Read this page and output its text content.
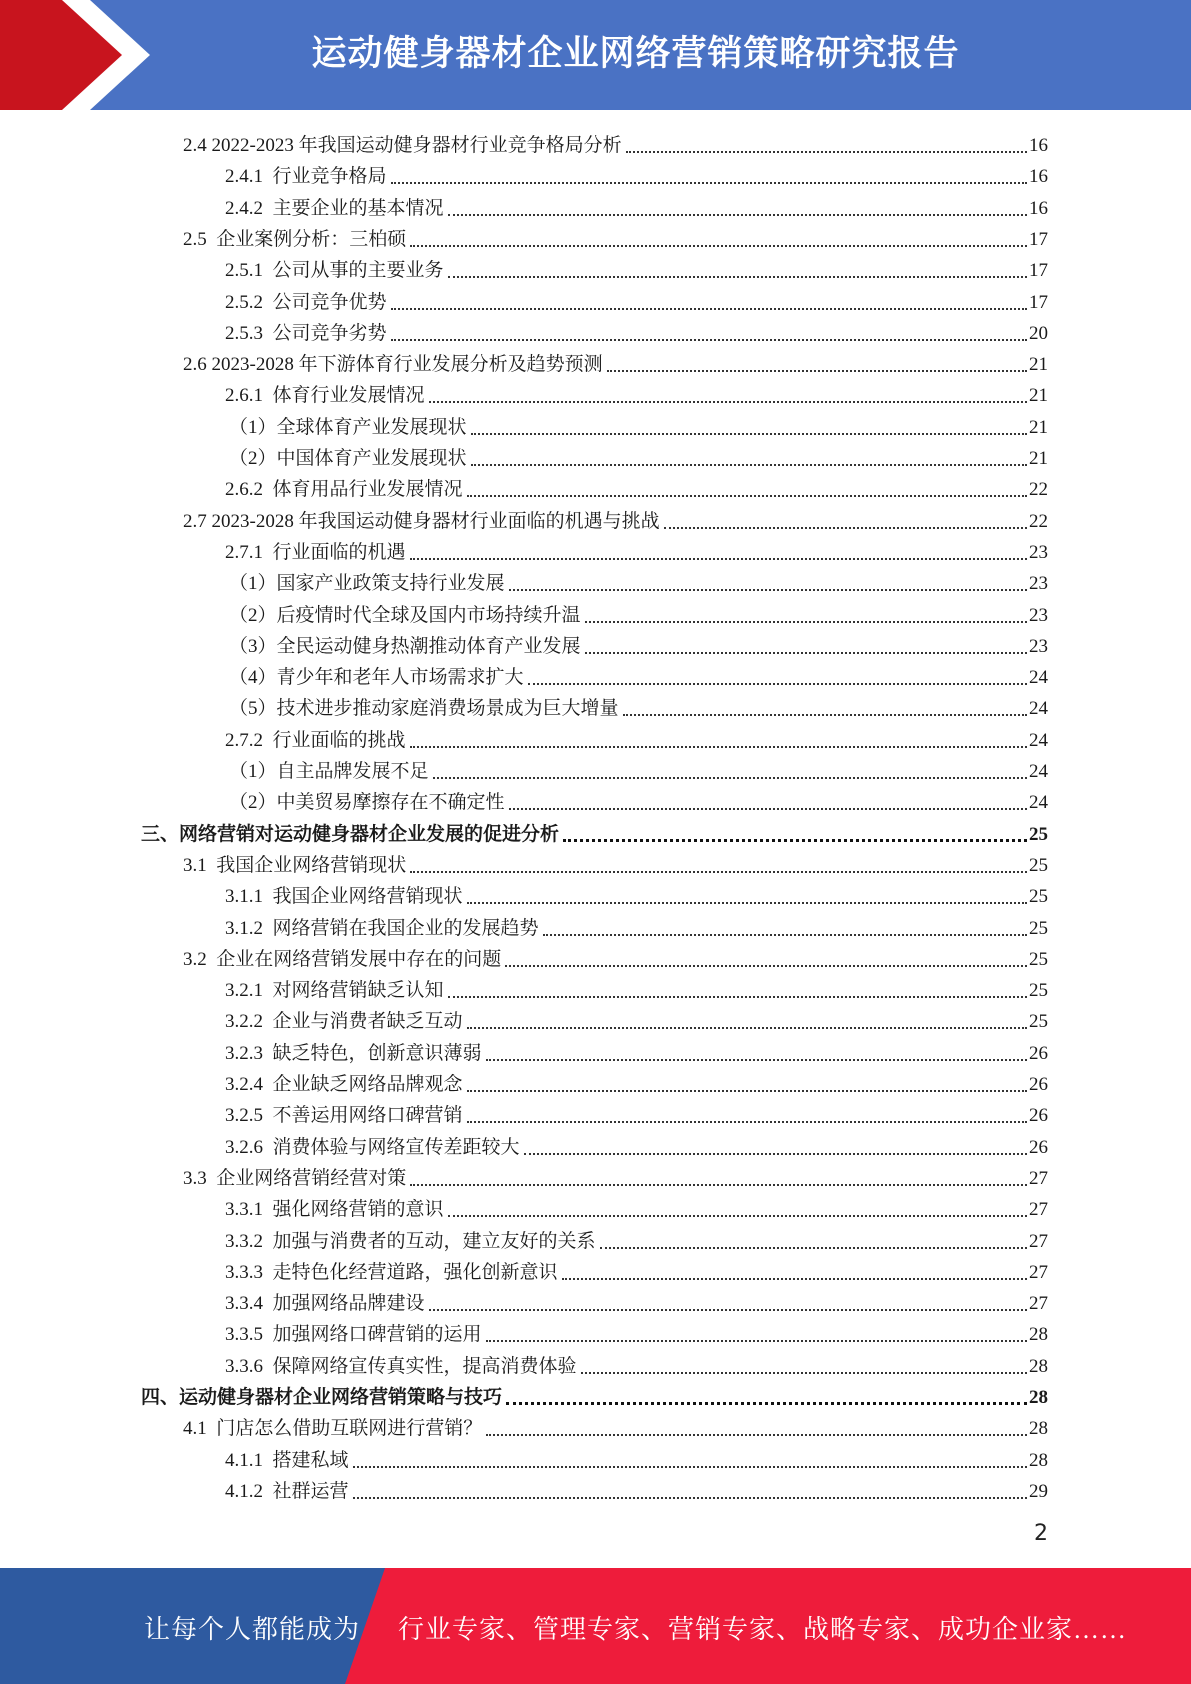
运动健身器材企业网络营销策略研究报告
2.4 2022-2023 年我国运动健身器材行业竞争格局分析	16
2.4.1  行业竞争格局	16
2.4.2  主要企业的基本情况	16
2.5  企业案例分析：三柏硕	17
2.5.1  公司从事的主要业务	17
2.5.2  公司竞争优势	17
2.5.3  公司竞争劣势	20
2.6 2023-2028 年下游体育行业发展分析及趋势预测	21
2.6.1  体育行业发展情况	21
（1）全球体育产业发展现状	21
（2）中国体育产业发展现状	21
2.6.2  体育用品行业发展情况	22
2.7 2023-2028 年我国运动健身器材行业面临的机遇与挑战	22
2.7.1  行业面临的机遇	23
（1）国家产业政策支持行业发展	23
（2）后疫情时代全球及国内市场持续升温	23
（3）全民运动健身热潮推动体育产业发展	23
（4）青少年和老年人市场需求扩大	24
（5）技术进步推动家庭消费场景成为巨大增量	24
2.7.2  行业面临的挑战	24
（1）自主品牌发展不足	24
（2）中美贸易摩擦存在不确定性	24
三、网络营销对运动健身器材企业发展的促进分析	25
3.1  我国企业网络营销现状	25
3.1.1  我国企业网络营销现状	25
3.1.2  网络营销在我国企业的发展趋势	25
3.2  企业在网络营销发展中存在的问题	25
3.2.1  对网络营销缺乏认知	25
3.2.2  企业与消费者缺乏互动	25
3.2.3  缺乏特色，创新意识薄弱	26
3.2.4  企业缺乏网络品牌观念	26
3.2.5  不善运用网络口碑营销	26
3.2.6  消费体验与网络宣传差距较大	26
3.3  企业网络营销经营对策	27
3.3.1  强化网络营销的意识	27
3.3.2  加强与消费者的互动，建立友好的关系	27
3.3.3  走特色化经营道路，强化创新意识	27
3.3.4  加强网络品牌建设	27
3.3.5  加强网络口碑营销的运用	28
3.3.6  保障网络宣传真实性，提高消费体验	28
四、运动健身器材企业网络营销策略与技巧	28
4.1  门店怎么借助互联网进行营销？	28
4.1.1  搭建私域	28
4.1.2  社群运营	29
2
让每个人都能成为 行业专家、管理专家、营销专家、战略专家、成功企业家……
